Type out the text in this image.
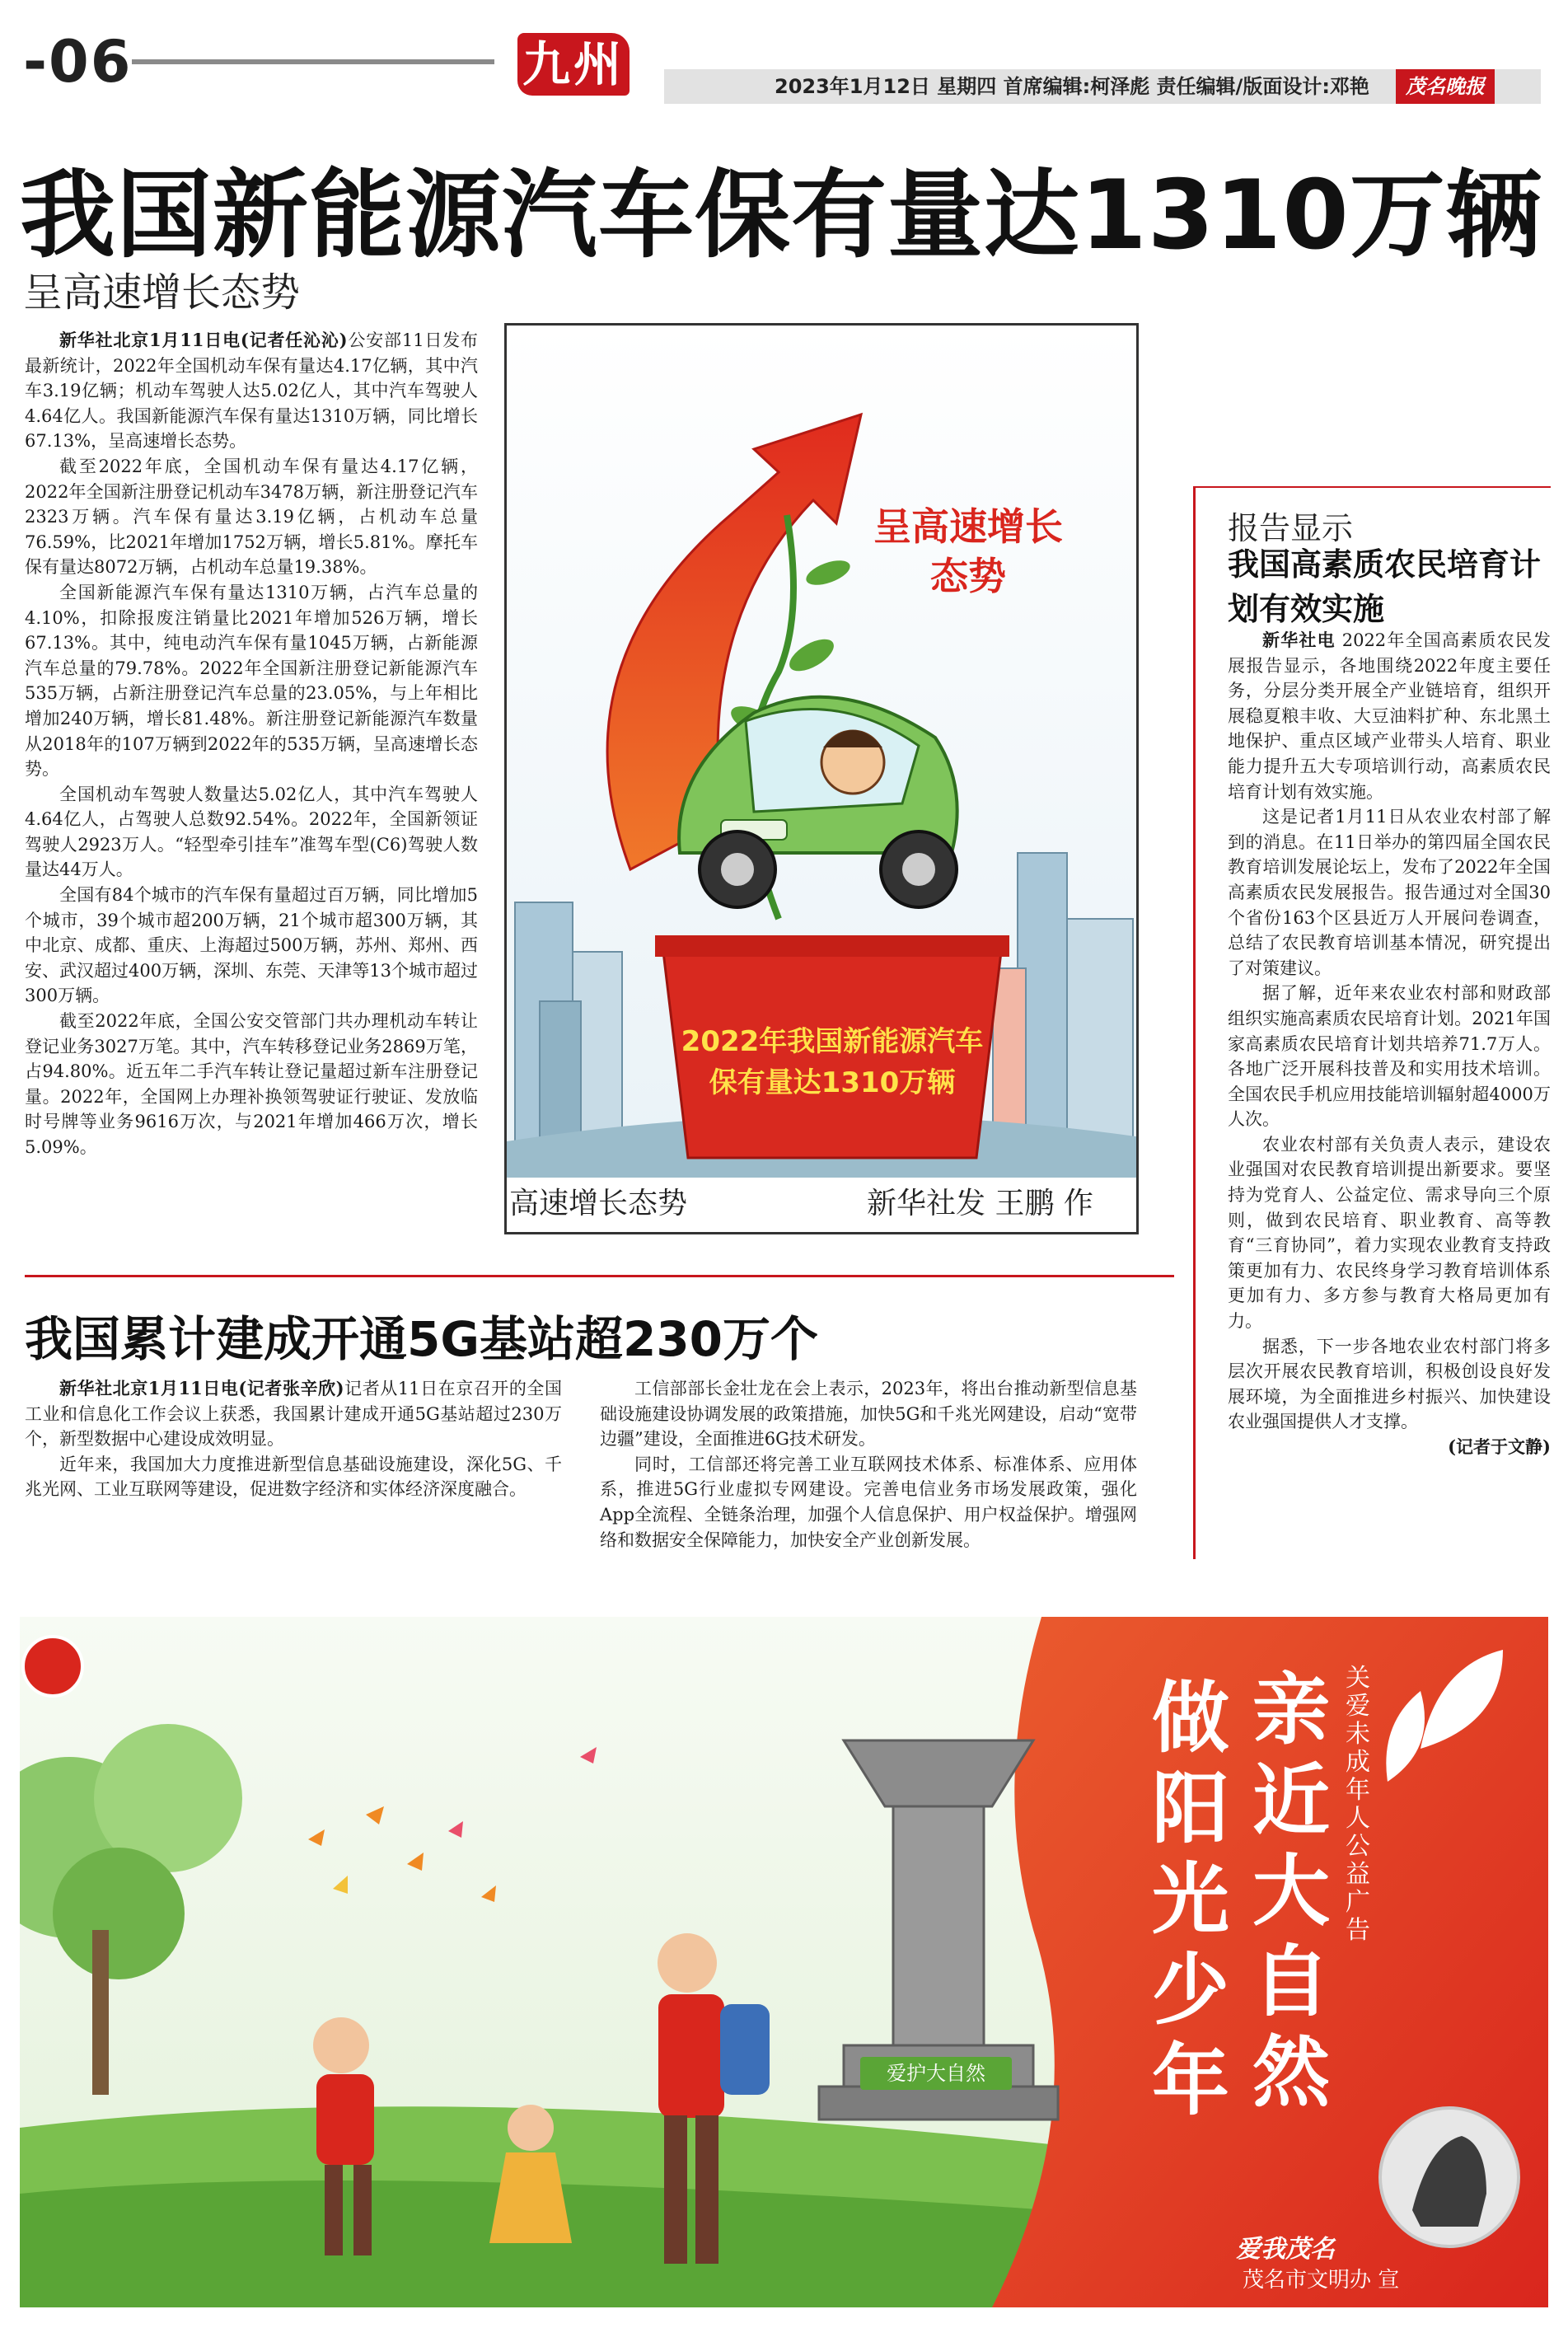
-06	九州	2023年1月12日 星期四 首席编辑:柯泽彪 责任编辑/版面设计:邓艳	茂名晚报
我国新能源汽车保有量达1310万辆
呈高速增长态势

新华社北京1月11日电(记者任沁沁)公安部11日发布最新统计，2022年全国机动车保有量达4.17亿辆，其中汽车3.19亿辆；机动车驾驶人达5.02亿人，其中汽车驾驶人4.64亿人。我国新能源汽车保有量达1310万辆，同比增长67.13%，呈高速增长态势。

截至2022年底，全国机动车保有量达4.17亿辆，2022年全国新注册登记机动车3478万辆，新注册登记汽车2323万辆。汽车保有量达3.19亿辆，占机动车总量76.59%，比2021年增加1752万辆，增长5.81%。摩托车保有量达8072万辆，占机动车总量19.38%。

全国新能源汽车保有量达1310万辆，占汽车总量的4.10%，扣除报废注销量比2021年增加526万辆，增长67.13%。其中，纯电动汽车保有量1045万辆，占新能源汽车总量的79.78%。2022年全国新注册登记新能源汽车535万辆，占新注册登记汽车总量的23.05%，与上年相比增加240万辆，增长81.48%。新注册登记新能源汽车数量从2018年的107万辆到2022年的535万辆，呈高速增长态势。

全国机动车驾驶人数量达5.02亿人，其中汽车驾驶人4.64亿人，占驾驶人总数92.54%。2022年，全国新领证驾驶人2923万人。“轻型牵引挂车”准驾车型(C6)驾驶人数量达44万人。

全国有84个城市的汽车保有量超过百万辆，同比增加5个城市，39个城市超200万辆，21个城市超300万辆，其中北京、成都、重庆、上海超过500万辆，苏州、郑州、西安、武汉超过400万辆，深圳、东莞、天津等13个城市超过300万辆。

截至2022年底，全国公安交管部门共办理机动车转让登记业务3027万笔。其中，汽车转移登记业务2869万笔，占94.80%。近五年二手汽车转让登记量超过新车注册登记量。2022年，全国网上办理补换领驾驶证行驶证、发放临时号牌等业务9616万次，与2021年增加466万次，增长5.09%。

呈高速增长
态势
2022年我国新能源汽车
保有量达1310万辆
高速增长态势	新华社发 王鹏 作
报告显示
我国高素质农民培育计划有效实施

新华社电 2022年全国高素质农民发展报告显示，各地围绕2022年度主要任务，分层分类开展全产业链培育，组织开展稳夏粮丰收、大豆油料扩种、东北黑土地保护、重点区域产业带头人培育、职业能力提升五大专项培训行动，高素质农民培育计划有效实施。

这是记者1月11日从农业农村部了解到的消息。在11日举办的第四届全国农民教育培训发展论坛上，发布了2022年全国高素质农民发展报告。报告通过对全国30个省份163个区县近万人开展问卷调查，总结了农民教育培训基本情况，研究提出了对策建议。

据了解，近年来农业农村部和财政部组织实施高素质农民培育计划。2021年国家高素质农民培育计划共培养71.7万人。各地广泛开展科技普及和实用技术培训。全国农民手机应用技能培训辐射超4000万人次。

农业农村部有关负责人表示，建设农业强国对农民教育培训提出新要求。要坚持为党育人、公益定位、需求导向三个原则，做到农民培育、职业教育、高等教育“三育协同”，着力实现农业教育支持政策更加有力、农民终身学习教育培训体系更加有力、多方参与教育大格局更加有力。

据悉，下一步各地农业农村部门将多层次开展农民教育培训，积极创设良好发展环境，为全面推进乡村振兴、加快建设农业强国提供人才支撑。

(记者于文静)
我国累计建成开通5G基站超230万个

新华社北京1月11日电(记者张辛欣)记者从11日在京召开的全国工业和信息化工作会议上获悉，我国累计建成开通5G基站超过230万个，新型数据中心建设成效明显。

近年来，我国加大力度推进新型信息基础设施建设，深化5G、千兆光网、工业互联网等建设，促进数字经济和实体经济深度融合。

工信部部长金壮龙在会上表示，2023年，将出台推动新型信息基础设施建设协调发展的政策措施，加快5G和千兆光网建设，启动“宽带边疆”建设，全面推进6G技术研发。

同时，工信部还将完善工业互联网技术体系、标准体系、应用体系，推进5G行业虚拟专网建设。完善电信业务市场发展政策，强化App全流程、全链条治理，加强个人信息保护、用户权益保护。增强网络和数据安全保障能力，加快安全产业创新发展。

爱护大自然
做阳光少年
亲近大自然
关爱未成年人公益广告
爱我茂名
茂名市文明办 宣
